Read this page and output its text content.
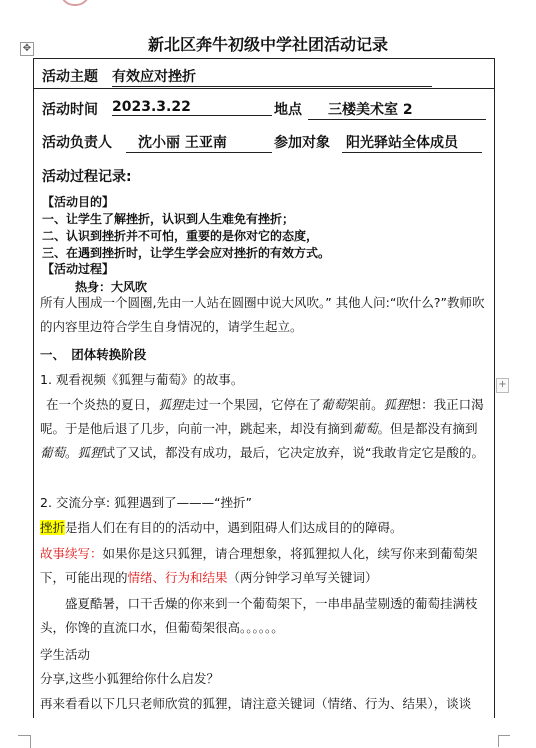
✥
+
新北区奔牛初级中学社团活动记录
活动主题 有效应对挫折
活动时间 2023.3.22	地点	三楼美术室 2
活动负责人	沈小丽 王亚南	参加对象 阳光驿站全体成员
活动过程记录:
【活动目的】
一、让学生了解挫折，认识到人生难免有挫折；
二、认识到挫折并不可怕，重要的是你对它的态度，
三、在遇到挫折时，让学生学会应对挫折的有效方式。
【活动过程】
热身：大风吹
所有人围成一个圆圈,先由一人站在圆圈中说大风吹。” 其他人问:“吹什么?”教师吹的内容里边符合学生自身情况的，请学生起立。
一、　团体转换阶段
1. 观看视频《狐狸与葡萄》的故事。
在一个炎热的夏日，狐狸走过一个果园，它停在了葡萄架前。狐狸想：我正口渴呢。于是他后退了几步，向前一冲，跳起来，却没有摘到葡萄。但是都没有摘到葡萄。狐狸试了又试，都没有成功，最后，它决定放弃，说“我敢肯定它是酸的。
2. 交流分享: 狐狸遇到了———“挫折”
挫折是指人们在有目的的活动中，遇到阻碍人们达成目的的障碍。
故事续写：如果你是这只狐狸，请合理想象，将狐狸拟人化，续写你来到葡萄架下，可能出现的情绪、行为和结果（两分钟学习单写关键词）
盛夏酷暑，口干舌燥的你来到一个葡萄架下，一串串晶莹剔透的葡萄挂满枝头，你馋的直流口水，但葡萄架很高。。。。。。
学生活动
分享,这些小狐狸给你什么启发？
再来看看以下几只老师欣赏的狐狸，请注意关键词（情绪、行为、结果），谈谈
